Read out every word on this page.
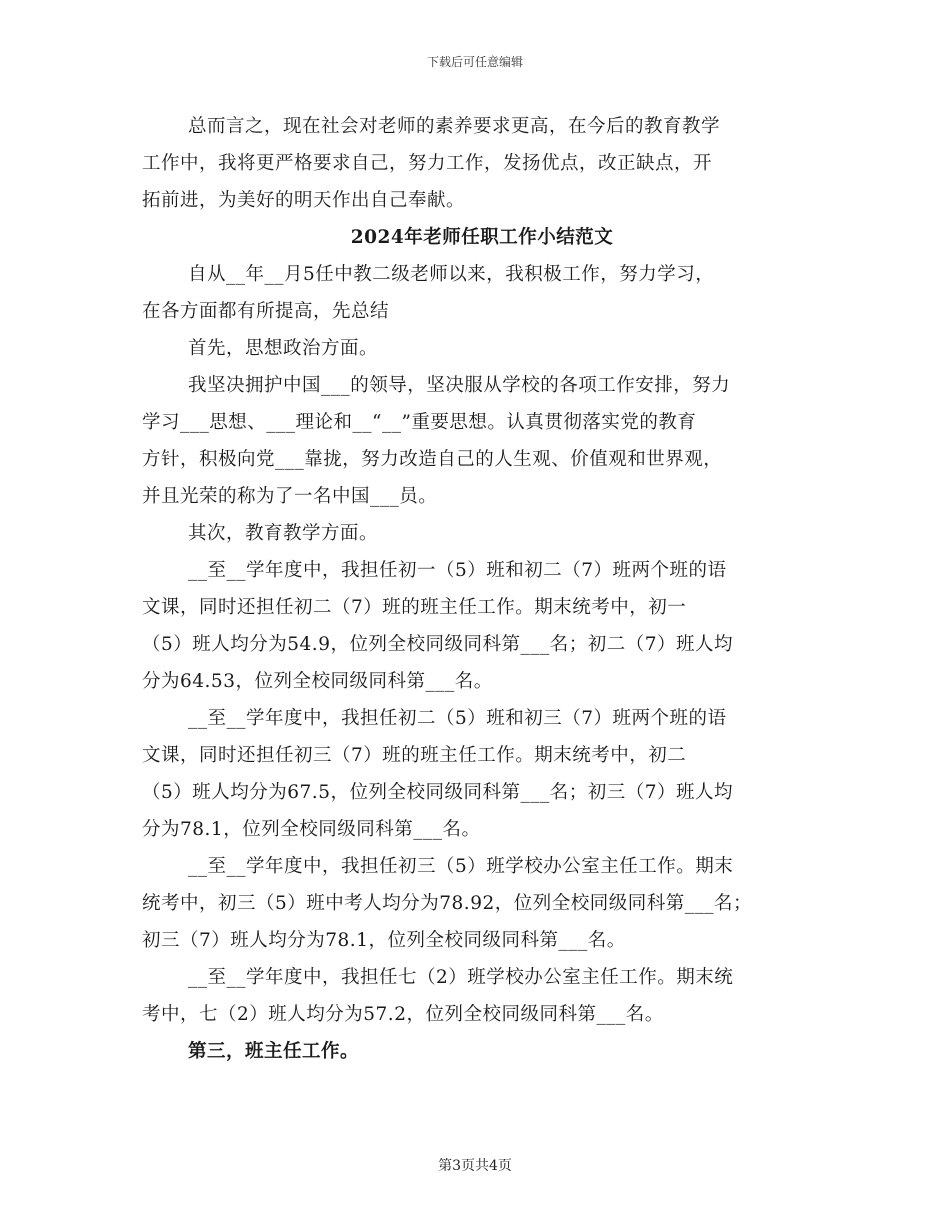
下载后可任意编辑
总而言之，现在社会对老师的素养要求更高，在今后的教育教学
工作中，我将更严格要求自己，努力工作，发扬优点，改正缺点，开
拓前进，为美好的明天作出自己奉献。
2024年老师任职工作小结范文
自从__年__月5任中教二级老师以来，我积极工作，努力学习，
在各方面都有所提高，先总结
首先，思想政治方面。
我坚决拥护中国___的领导，坚决服从学校的各项工作安排，努力
学习___思想、___理论和__“__”重要思想。认真贯彻落实党的教育
方针，积极向党___靠拢，努力改造自己的人生观、价值观和世界观，
并且光荣的称为了一名中国___员。
其次，教育教学方面。
__至__学年度中，我担任初一（5）班和初二（7）班两个班的语
文课，同时还担任初二（7）班的班主任工作。期末统考中，初一
（5）班人均分为54.9，位列全校同级同科第___名；初二（7）班人均
分为64.53，位列全校同级同科第___名。
__至__学年度中，我担任初二（5）班和初三（7）班两个班的语
文课，同时还担任初三（7）班的班主任工作。期末统考中，初二
（5）班人均分为67.5，位列全校同级同科第___名；初三（7）班人均
分为78.1，位列全校同级同科第___名。
__至__学年度中，我担任初三（5）班学校办公室主任工作。期末
统考中，初三（5）班中考人均分为78.92，位列全校同级同科第___名；
初三（7）班人均分为78.1，位列全校同级同科第___名。
__至__学年度中，我担任七（2）班学校办公室主任工作。期末统
考中，七（2）班人均分为57.2，位列全校同级同科第___名。
第三，班主任工作。
第3页共4页
